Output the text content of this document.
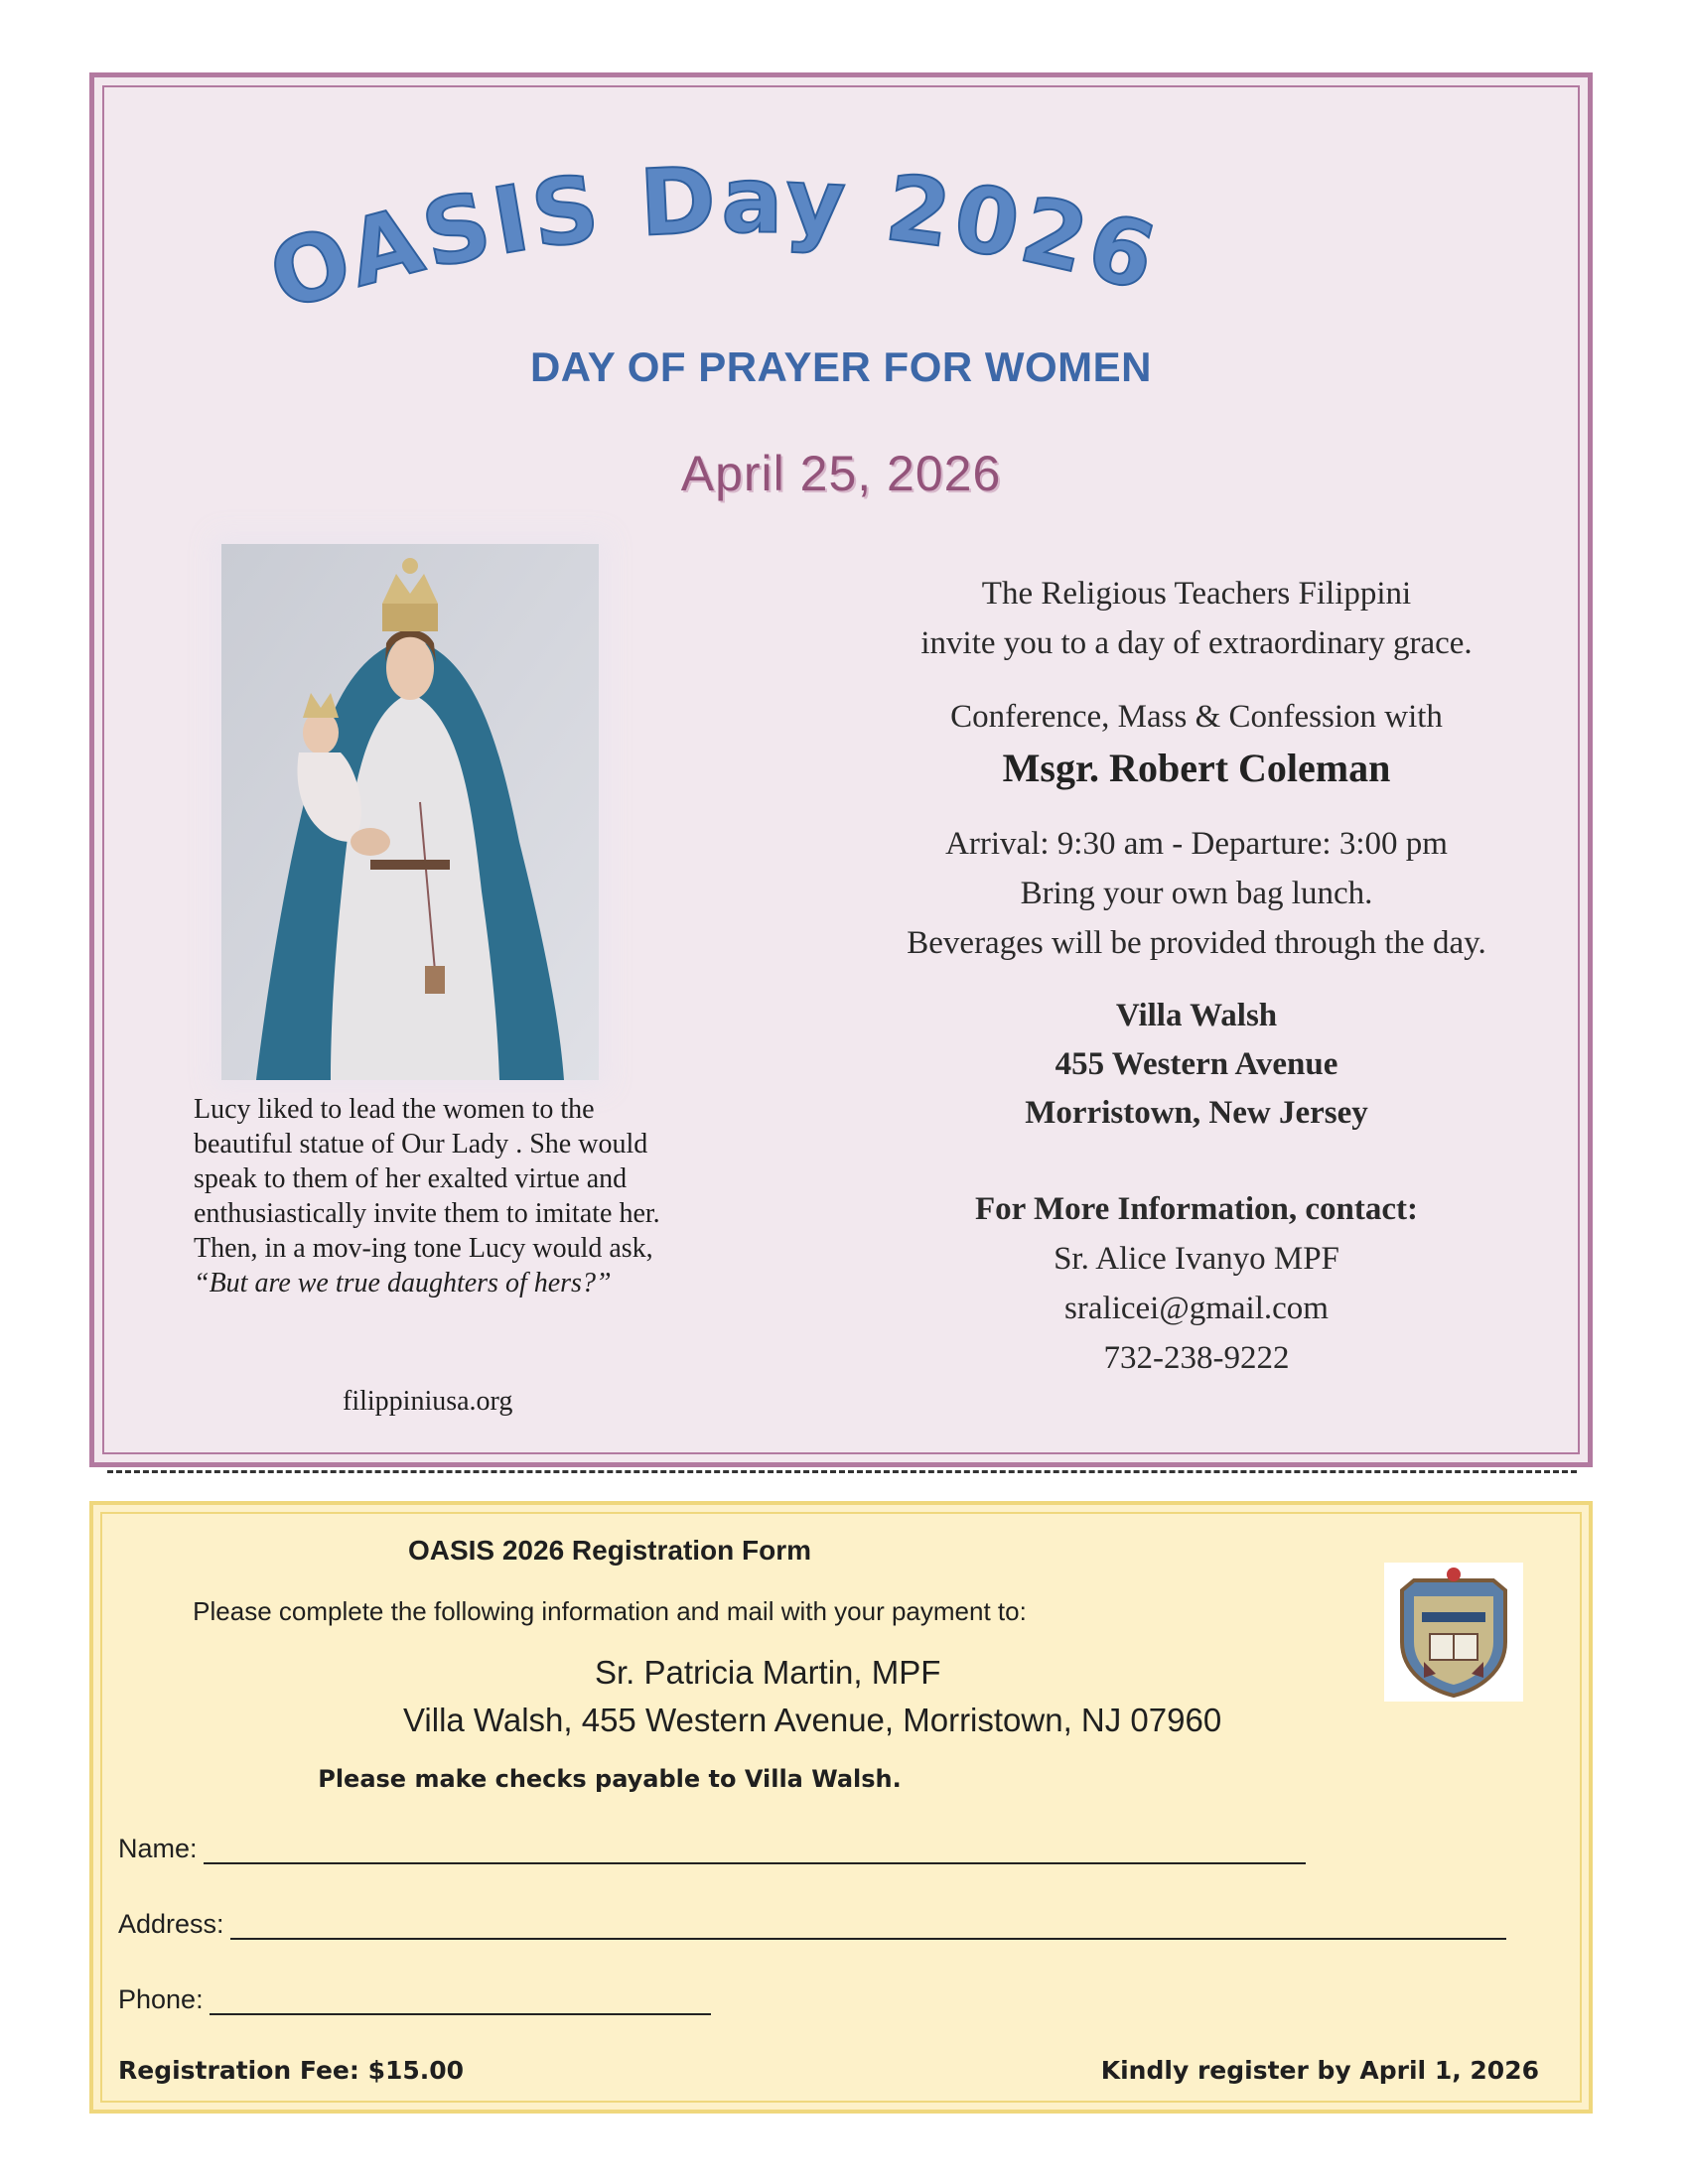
OASIS Day 2026
DAY OF PRAYER FOR WOMEN
April 25, 2026
Lucy liked to lead the women to the beautiful statue of Our Lady . She would speak to them of her exalted virtue and enthusiastically invite them to imitate her. Then, in a mov-ing tone Lucy would ask, “But are we true daughters of hers?”
filippiniusa.org

The Religious Teachers Filippini

invite you to a day of extraordinary grace.

Conference, Mass & Confession with

Msgr. Robert Coleman

Arrival: 9:30 am - Departure: 3:00 pm

Bring your own bag lunch.

Beverages will be provided through the day.

Villa Walsh

455 Western Avenue

Morristown, New Jersey

For More Information, contact:

Sr. Alice Ivanyo MPF

sralicei@gmail.com

732-238-9222

OASIS 2026 Registration Form
Please complete the following information and mail with your payment to:
Sr. Patricia Martin, MPF
Villa Walsh, 455 Western Avenue, Morristown, NJ 07960
Please make checks payable to Villa Walsh.
Name:
Address:
Phone:
Registration Fee: $15.00	Kindly register by April 1, 2026
